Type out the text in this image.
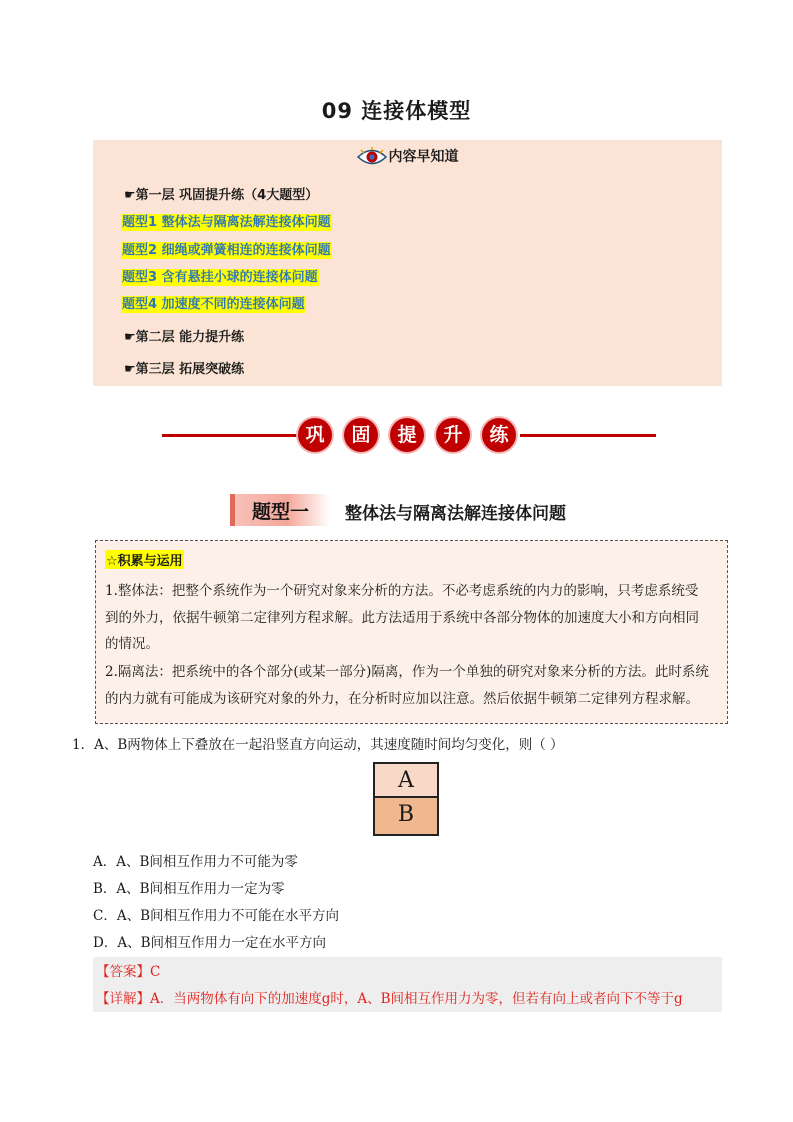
09 连接体模型
内容早知道
☛第一层 巩固提升练（4大题型）
题型1 整体法与隔离法解连接体问题
题型2 细绳或弹簧相连的连接体问题
题型3 含有悬挂小球的连接体问题
题型4 加速度不同的连接体问题
☛第二层 能力提升练
☛第三层 拓展突破练
巩	固	提	升	练
题型一 整体法与隔离法解连接体问题
☆积累与运用
1.整体法：把整个系统作为一个研究对象来分析的方法。不必考虑系统的内力的影响，只考虑系统受
到的外力，依据牛顿第二定律列方程求解。此方法适用于系统中各部分物体的加速度大小和方向相同
的情况。
2.隔离法：把系统中的各个部分(或某一部分)隔离，作为一个单独的研究对象来分析的方法。此时系统
的内力就有可能成为该研究对象的外力，在分析时应加以注意。然后依据牛顿第二定律列方程求解。
1．A、B两物体上下叠放在一起沿竖直方向运动，其速度随时间均匀变化，则（ ）
A
B
A．A、B间相互作用力不可能为零
B．A、B间相互作用力一定为零
C．A、B间相互作用力不可能在水平方向
D．A、B间相互作用力一定在水平方向
【答案】C
【详解】A．当两物体有向下的加速度g时，A、B间相互作用力为零，但若有向上或者向下不等于g
